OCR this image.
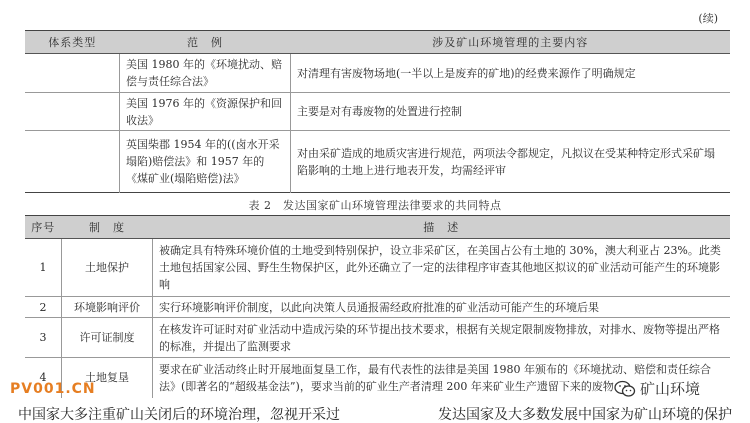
(续)
体系类型	范　例	涉及矿山环境管理的主要内容
	美国 1980 年的《环境扰动、赔偿与责任综合法》	对清理有害废物场地(一半以上是废弃的矿地)的经费来源作了明确规定
	美国 1976 年的《资源保护和回收法》	主要是对有毒废物的处置进行控制
	英国柴郡 1954 年的((卤水开采塌陷)赔偿法》和 1957 年的《煤矿业(塌陷赔偿)法》	对由采矿造成的地质灾害进行规范，两项法令都规定，凡拟议在受某种特定形式采矿塌陷影响的土地上进行地表开发，均需经评审
表 2　发达国家矿山环境管理法律要求的共同特点
序号	制　度	描　述
1	土地保护	被确定具有特殊环境价值的土地受到特别保护，设立非采矿区，在美国占公有土地的 30%，澳大利亚占 23%。此类土地包括国家公园、野生生物保护区，此外还确立了一定的法律程序审查其他地区拟议的矿业活动可能产生的环境影响
2	环境影响评价	实行环境影响评价制度，以此向决策人员通报需经政府批准的矿业活动可能产生的环境后果
3	许可证制度	在核发许可证时对矿业活动中造成污染的环节提出技术要求，根据有关规定限制废物排放，对排水、废物等提出严格的标准，并提出了监测要求
4	土地复垦	要求在矿业活动终止时开展地面复垦工作，最有代表性的法律是美国 1980 年颁布的《环境扰动、赔偿和责任综合法》(即著名的“超级基金法”)，要求当前的矿业生产者清理 200 年来矿业生产遗留下来的废物
PV001.CN	矿山环境
中国家大多注重矿山关闭后的环境治理，忽视开采过	发达国家及大多数发展中国家为矿山环境的保护
